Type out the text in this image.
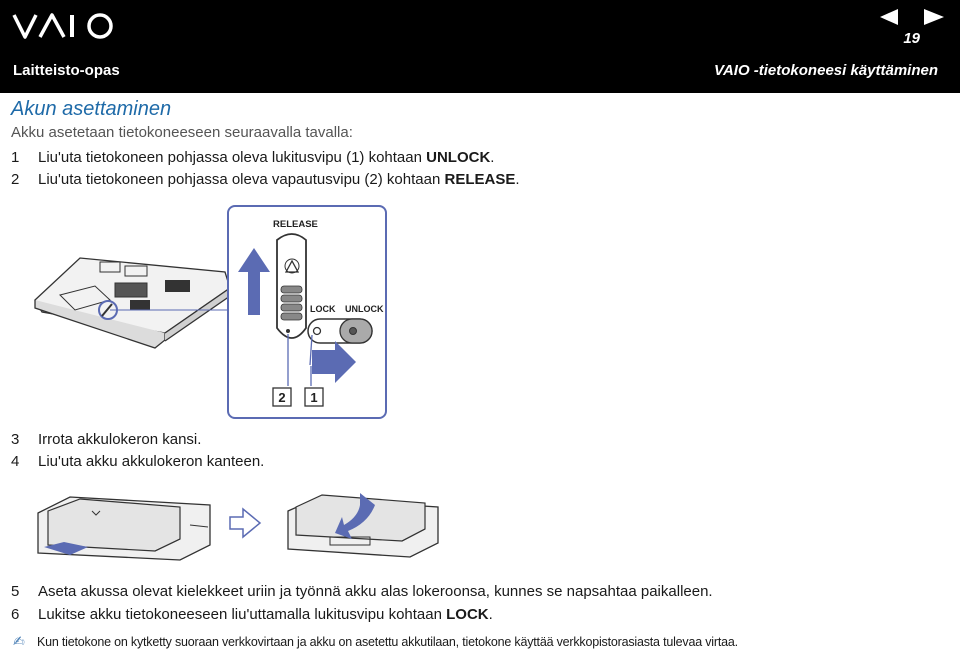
19
Laitteisto-opas	VAIO -tietokoneesi käyttäminen
Akun asettaminen
Akku asetetaan tietokoneeseen seuraavalla tavalla:
1 Liu'uta tietokoneen pohjassa oleva lukitusvipu (1) kohtaan UNLOCK.
2 Liu'uta tietokoneen pohjassa oleva vapautusvipu (2) kohtaan RELEASE.
RELEASE
LOCK UNLOCK
2 1
3 Irrota akkulokeron kansi.
4 Liu'uta akku akkulokeron kanteen.
5 Aseta akussa olevat kielekkeet uriin ja työnnä akku alas lokeroonsa, kunnes se napsahtaa paikalleen.
6 Lukitse akku tietokoneeseen liu'uttamalla lukitusvipu kohtaan LOCK.
✍ Kun tietokone on kytketty suoraan verkkovirtaan ja akku on asetettu akkutilaan, tietokone käyttää verkkopistorasiasta tulevaa virtaa.
